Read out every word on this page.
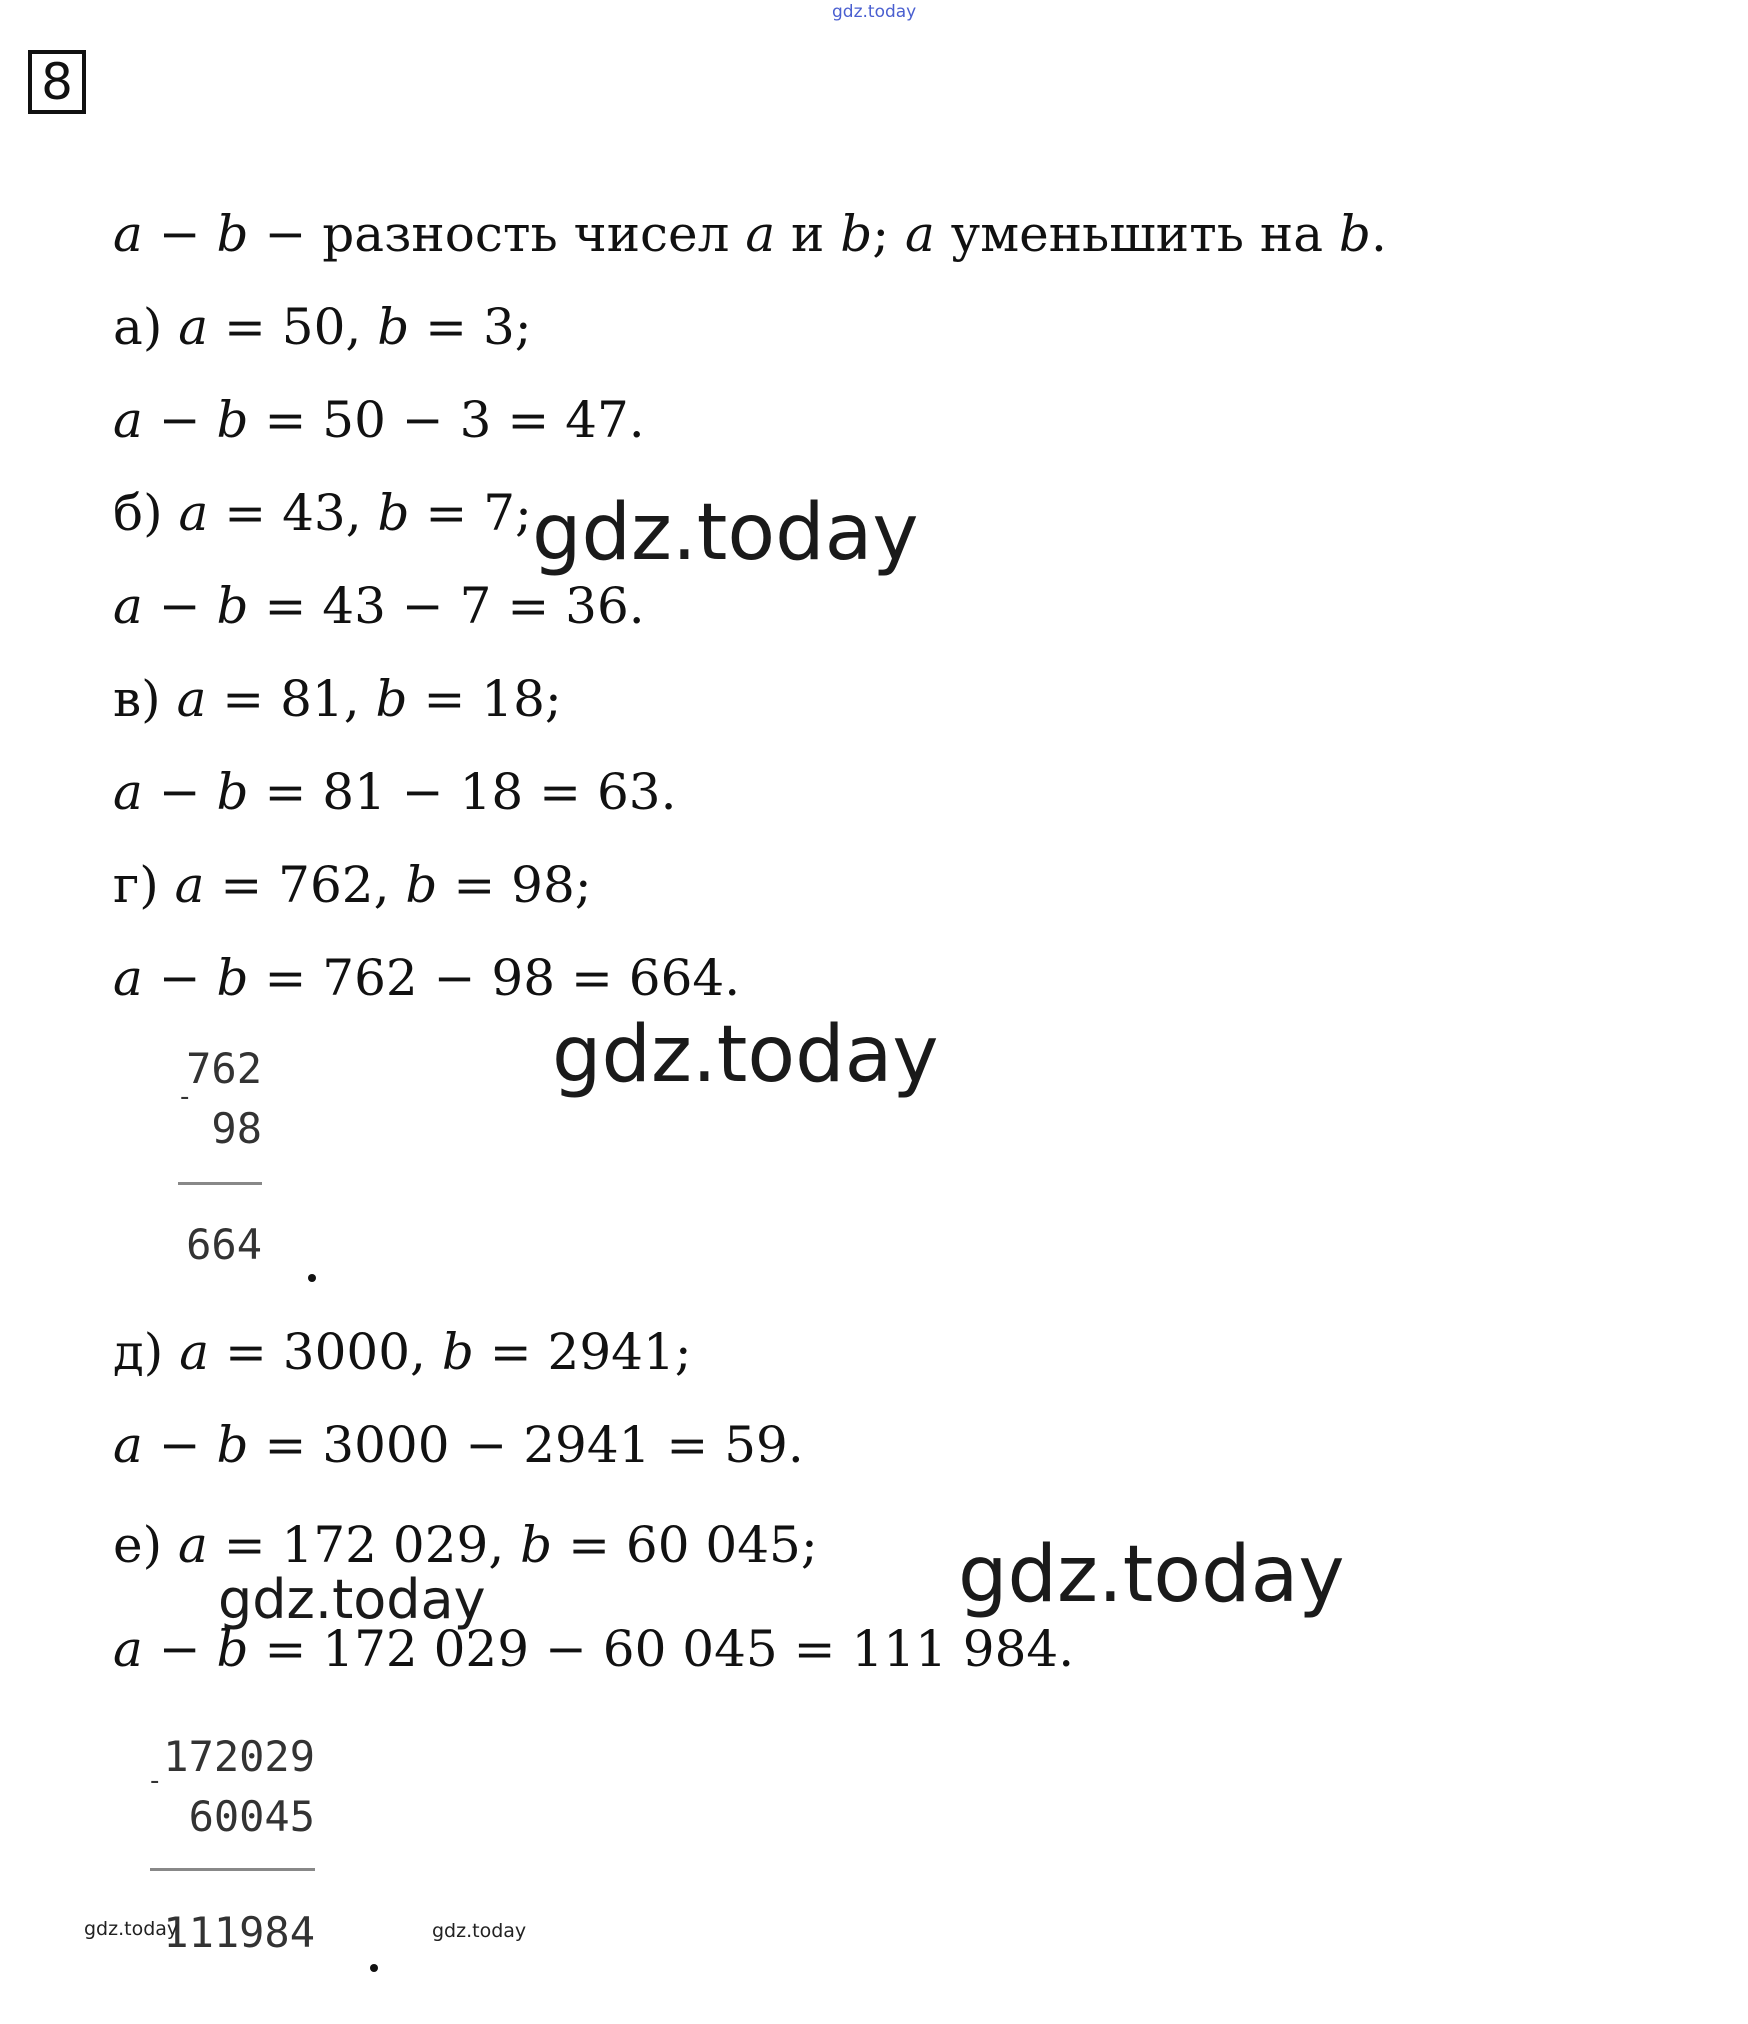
gdz.today
8
a − b − разность чисел a и b; a уменьшить на b.
а) a = 50, b = 3;
a − b = 50 − 3 = 47.
б) a = 43, b = 7;
a − b = 43 − 7 = 36.
в) a = 81, b = 18;
a − b = 81 − 18 = 63.
г) a = 762, b = 98;
a − b = 762 − 98 = 664.
-
762
98
664
д) a = 3000, b = 2941;
a − b = 3000 − 2941 = 59.
е) a = 172 029, b = 60 045;
a − b = 172 029 − 60 045 = 111 984.
- 172029
60045
111984
gdz.today
gdz.today
gdz.today
gdz.today
gdz.today	gdz.today
